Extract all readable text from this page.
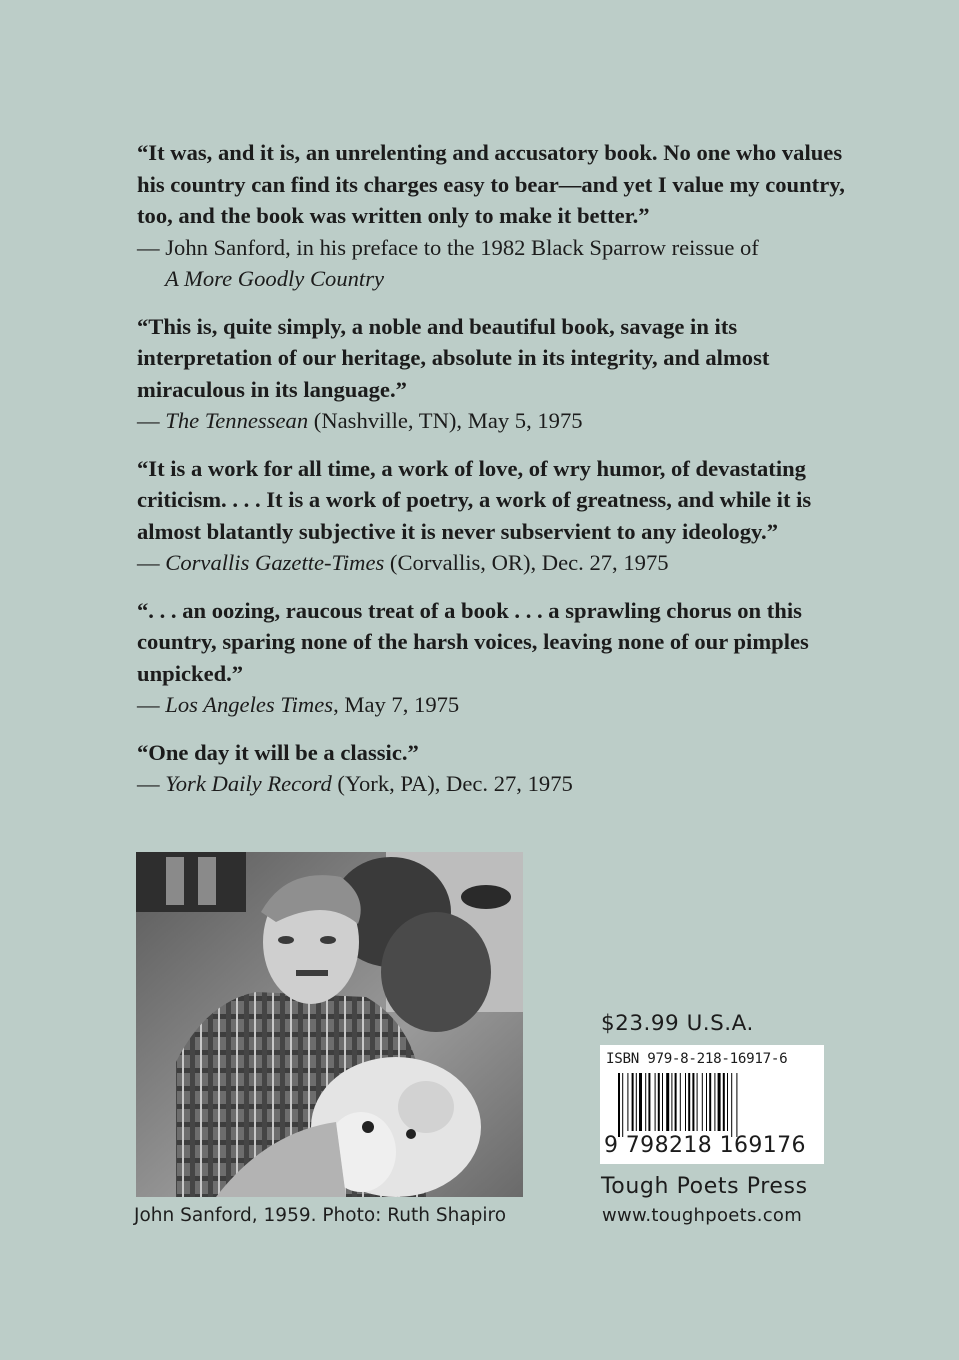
“It was, and it is, an unrelenting and accusatory book. No one who values his country can find its charges easy to bear—and yet I value my country, too, and the book was written only to make it better.”

— John Sanford, in his preface to the 1982 Black Sparrow reissue of
A More Goodly Country

“This is, quite simply, a noble and beautiful book, savage in its interpretation of our heritage, absolute in its integrity, and almost miraculous in its language.”

— The Tennessean (Nashville, TN), May 5, 1975

“It is a work for all time, a work of love, of wry humor, of devastating criticism. . . . It is a work of poetry, a work of greatness, and while it is almost blatantly subjective it is never subservient to any ideology.”

— Corvallis Gazette-Times (Corvallis, OR), Dec. 27, 1975

“. . . an oozing, raucous treat of a book . . . a sprawling chorus on this country, sparing none of the harsh voices, leaving none of our pimples unpicked.”

— Los Angeles Times, May 7, 1975

“One day it will be a classic.”

— York Daily Record (York, PA), Dec. 27, 1975

John Sanford, 1959. Photo: Ruth Shapiro
$23.99 U.S.A.
ISBN 979-8-218-16917-6
9 798218 169176
Tough Poets Press
www.toughpoets.com
